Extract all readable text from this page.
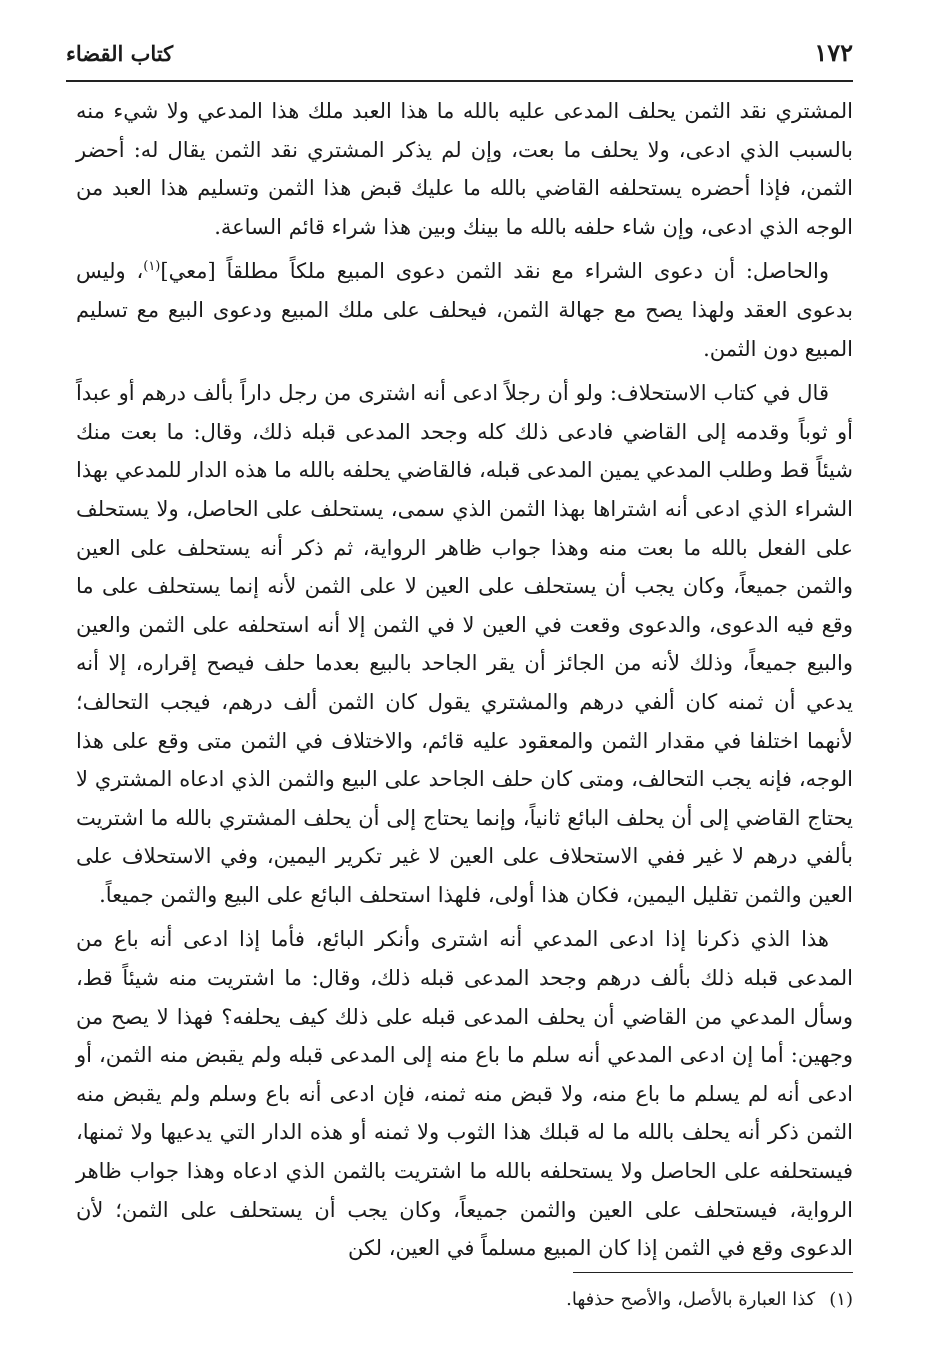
١٧٢
كتاب القضاء

المشتري نقد الثمن يحلف المدعى عليه بالله ما هذا العبد ملك هذا المدعي ولا شيء منه بالسبب الذي ادعى، ولا يحلف ما بعت، وإن لم يذكر المشتري نقد الثمن يقال له: أحضر الثمن، فإذا أحضره يستحلفه القاضي بالله ما عليك قبض هذا الثمن وتسليم هذا العبد من الوجه الذي ادعى، وإن شاء حلفه بالله ما بينك وبين هذا شراء قائم الساعة.

والحاصل: أن دعوى الشراء مع نقد الثمن دعوى المبيع ملكاً مطلقاً [معي]$^{(١)}$، وليس بدعوى العقد ولهذا يصح مع جهالة الثمن، فيحلف على ملك المبيع ودعوى البيع مع تسليم المبيع دون الثمن.

قال في كتاب الاستحلاف: ولو أن رجلاً ادعى أنه اشترى من رجل داراً بألف درهم أو عبداً أو ثوباً وقدمه إلى القاضي فادعى ذلك كله وجحد المدعى قبله ذلك، وقال: ما بعت منك شيئاً قط وطلب المدعي يمين المدعى قبله، فالقاضي يحلفه بالله ما هذه الدار للمدعي بهذا الشراء الذي ادعى أنه اشتراها بهذا الثمن الذي سمى، يستحلف على الحاصل، ولا يستحلف على الفعل بالله ما بعت منه وهذا جواب ظاهر الرواية، ثم ذكر أنه يستحلف على العين والثمن جميعاً، وكان يجب أن يستحلف على العين لا على الثمن لأنه إنما يستحلف على ما وقع فيه الدعوى، والدعوى وقعت في العين لا في الثمن إلا أنه استحلفه على الثمن والعين والبيع جميعاً، وذلك لأنه من الجائز أن يقر الجاحد بالبيع بعدما حلف فيصح إقراره، إلا أنه يدعي أن ثمنه كان ألفي درهم والمشتري يقول كان الثمن ألف درهم، فيجب التحالف؛ لأنهما اختلفا في مقدار الثمن والمعقود عليه قائم، والاختلاف في الثمن متى وقع على هذا الوجه، فإنه يجب التحالف، ومتى كان حلف الجاحد على البيع والثمن الذي ادعاه المشتري لا يحتاج القاضي إلى أن يحلف البائع ثانياً، وإنما يحتاج إلى أن يحلف المشتري بالله ما اشتريت بألفي درهم لا غير ففي الاستحلاف على العين لا غير تكرير اليمين، وفي الاستحلاف على العين والثمن تقليل اليمين، فكان هذا أولى، فلهذا استحلف البائع على البيع والثمن جميعاً.

هذا الذي ذكرنا إذا ادعى المدعي أنه اشترى وأنكر البائع، فأما إذا ادعى أنه باع من المدعى قبله ذلك بألف درهم وجحد المدعى قبله ذلك، وقال: ما اشتريت منه شيئاً قط، وسأل المدعي من القاضي أن يحلف المدعى قبله على ذلك كيف يحلفه؟ فهذا لا يصح من وجهين: أما إن ادعى المدعي أنه سلم ما باع منه إلى المدعى قبله ولم يقبض منه الثمن، أو ادعى أنه لم يسلم ما باع منه، ولا قبض منه ثمنه، فإن ادعى أنه باع وسلم ولم يقبض منه الثمن ذكر أنه يحلف بالله ما له قبلك هذا الثوب ولا ثمنه أو هذه الدار التي يدعيها ولا ثمنها، فيستحلفه على الحاصل ولا يستحلفه بالله ما اشتريت بالثمن الذي ادعاه وهذا جواب ظاهر الرواية، فيستحلف على العين والثمن جميعاً، وكان يجب أن يستحلف على الثمن؛ لأن الدعوى وقع في الثمن إذا كان المبيع مسلماً في العين، لكن

(١)كذا العبارة بالأصل، والأصح حذفها.
